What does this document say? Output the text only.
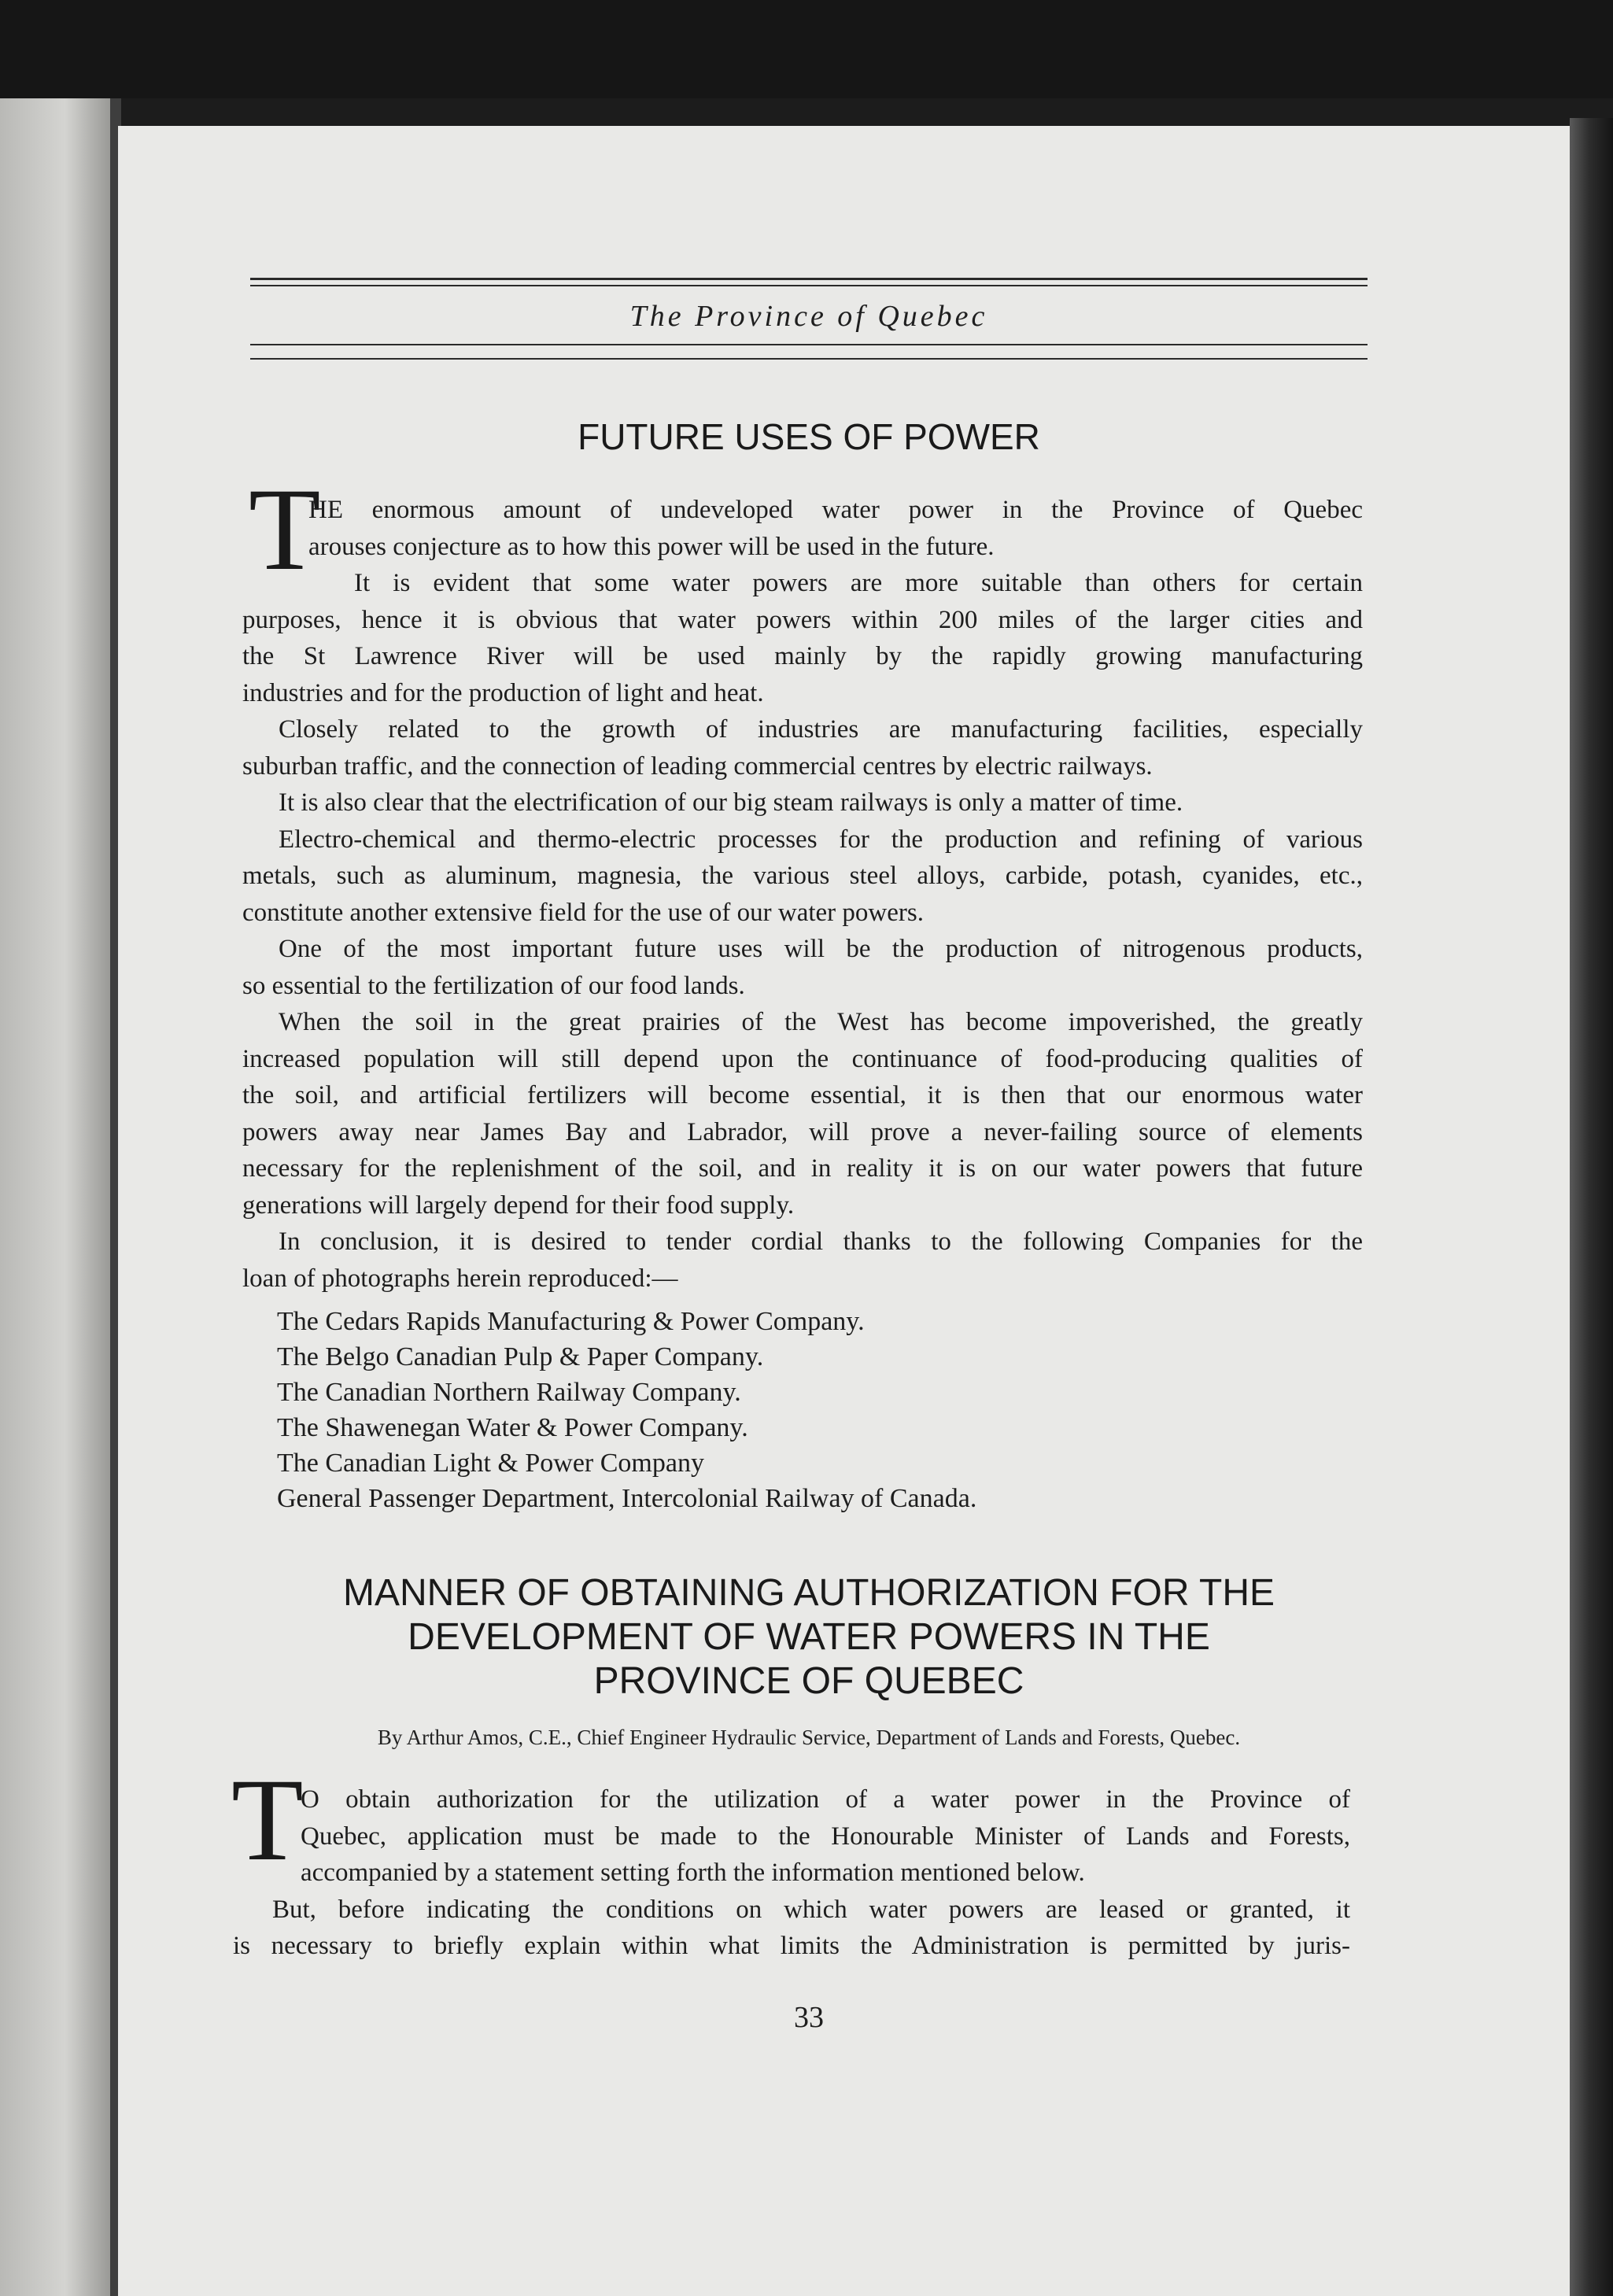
The Province of Quebec
FUTURE USES OF POWER
T
HE enormous amount of undeveloped water power in the Province of Quebec
arouses conjecture as to how this power will be used in the future.
It is evident that some water powers are more suitable than others for certain
purposes, hence it is obvious that water powers within 200 miles of the larger cities and
the St Lawrence River will be used mainly by the rapidly growing manufacturing
industries and for the production of light and heat.
Closely related to the growth of industries are manufacturing facilities, especially
suburban traffic, and the connection of leading commercial centres by electric railways.
It is also clear that the electrification of our big steam railways is only a matter of time.
Electro-chemical and thermo-electric processes for the production and refining of various
metals, such as aluminum, magnesia, the various steel alloys, carbide, potash, cyanides, etc.,
constitute another extensive field for the use of our water powers.
One of the most important future uses will be the production of nitrogenous products,
so essential to the fertilization of our food lands.
When the soil in the great prairies of the West has become impoverished, the greatly
increased population will still depend upon the continuance of food-producing qualities of
the soil, and artificial fertilizers will become essential, it is then that our enormous water
powers away near James Bay and Labrador, will prove a never-failing source of elements
necessary for the replenishment of the soil, and in reality it is on our water powers that future
generations will largely depend for their food supply.
In conclusion, it is desired to tender cordial thanks to the following Companies for the
loan of photographs herein reproduced:—
The Cedars Rapids Manufacturing & Power Company.
The Belgo Canadian Pulp & Paper Company.
The Canadian Northern Railway Company.
The Shawenegan Water & Power Company.
The Canadian Light & Power Company
General Passenger Department, Intercolonial Railway of Canada.
MANNER OF OBTAINING AUTHORIZATION FOR THE
DEVELOPMENT OF WATER POWERS IN THE
PROVINCE OF QUEBEC
By Arthur Amos, C.E., Chief Engineer Hydraulic Service, Department of Lands and Forests, Quebec.
T
O obtain authorization for the utilization of a water power in the Province of
Quebec, application must be made to the Honourable Minister of Lands and Forests,
accompanied by a statement setting forth the information mentioned below.
But, before indicating the conditions on which water powers are leased or granted, it
is necessary to briefly explain within what limits the Administration is permitted by juris-
33
